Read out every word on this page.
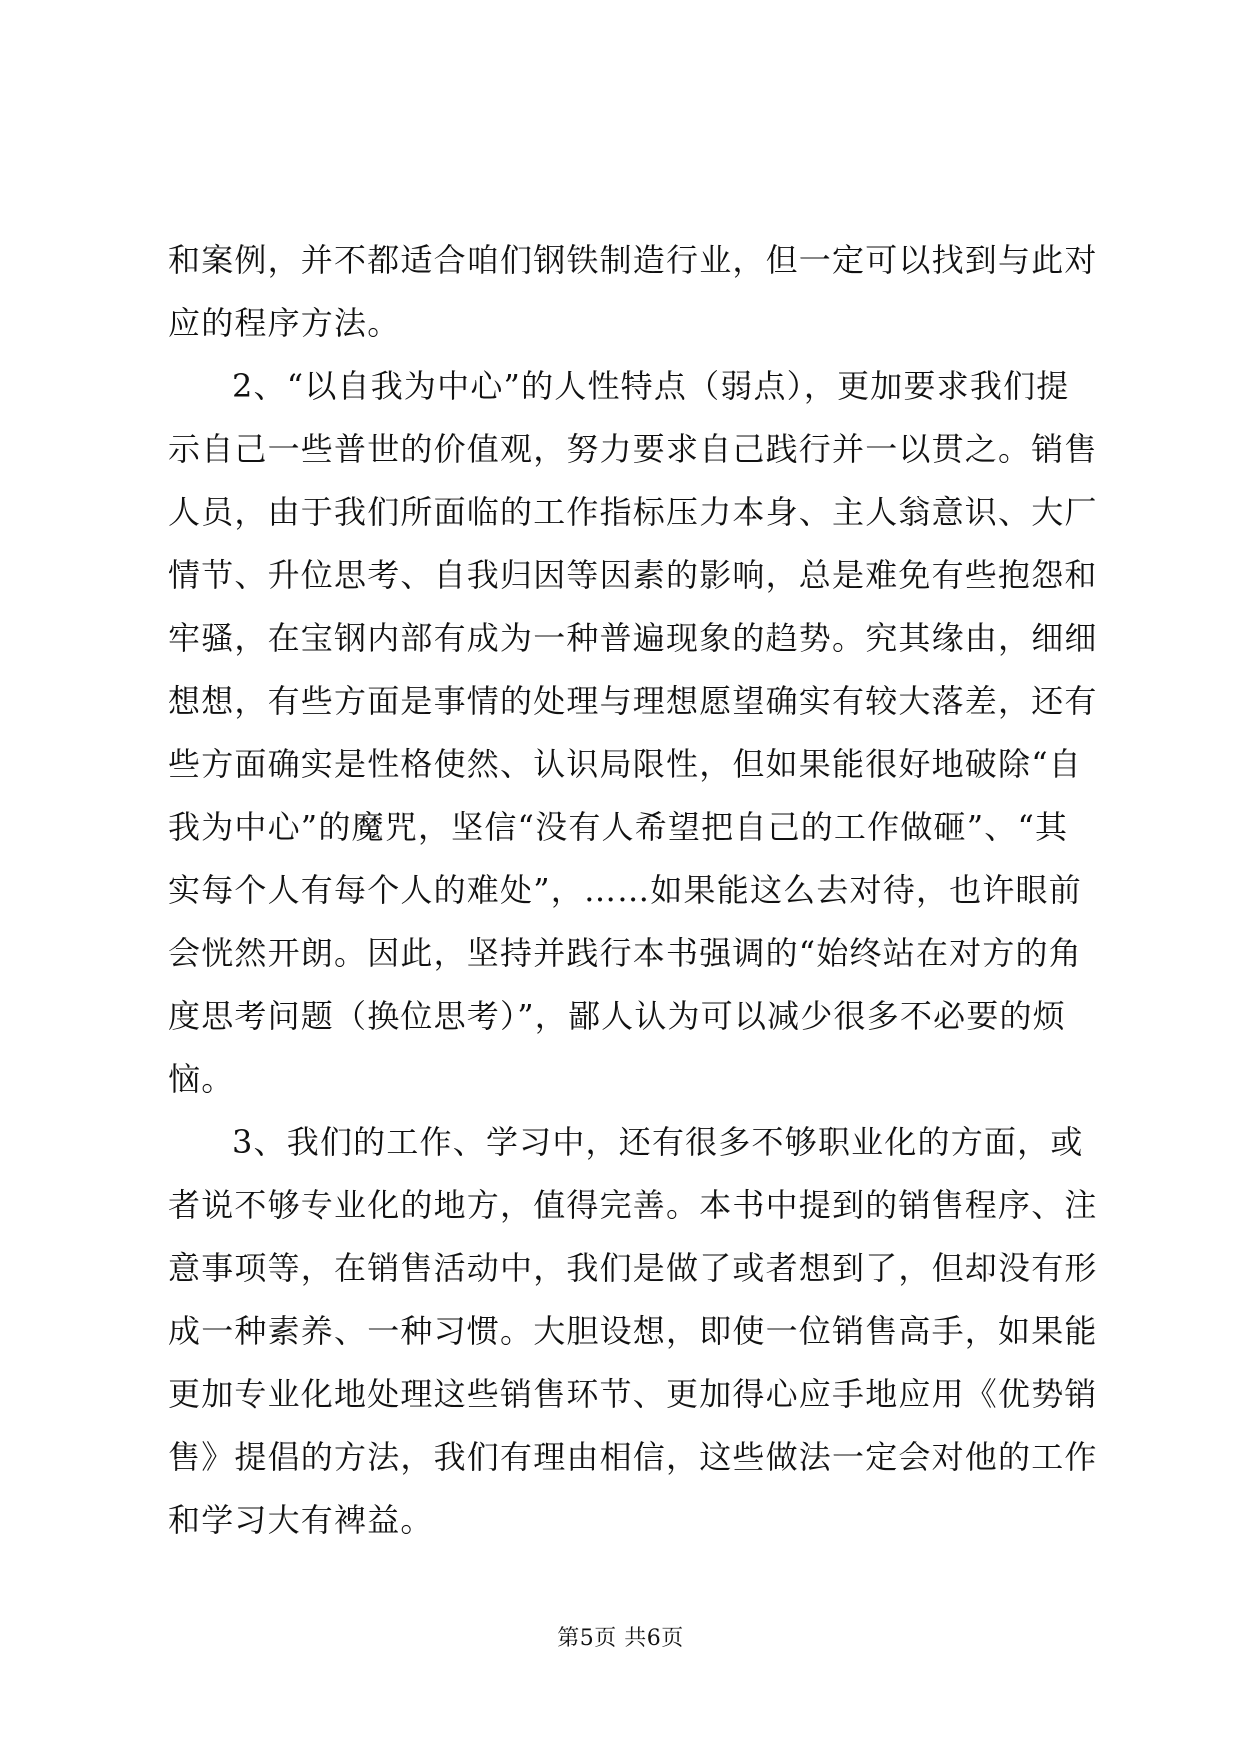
和案例，并不都适合咱们钢铁制造行业，但一定可以找到与此对
应的程序方法。
2、“以自我为中心”的人性特点（弱点），更加要求我们提
示自己一些普世的价值观，努力要求自己践行并一以贯之。销售
人员，由于我们所面临的工作指标压力本身、主人翁意识、大厂
情节、升位思考、自我归因等因素的影响，总是难免有些抱怨和
牢骚，在宝钢内部有成为一种普遍现象的趋势。究其缘由，细细
想想，有些方面是事情的处理与理想愿望确实有较大落差，还有
些方面确实是性格使然、认识局限性，但如果能很好地破除“自
我为中心”的魔咒，坚信“没有人希望把自己的工作做砸”、“其
实每个人有每个人的难处”，……如果能这么去对待，也许眼前
会恍然开朗。因此，坚持并践行本书强调的“始终站在对方的角
度思考问题（换位思考）”，鄙人认为可以减少很多不必要的烦
恼。
3、我们的工作、学习中，还有很多不够职业化的方面，或
者说不够专业化的地方，值得完善。本书中提到的销售程序、注
意事项等，在销售活动中，我们是做了或者想到了，但却没有形
成一种素养、一种习惯。大胆设想，即使一位销售高手，如果能
更加专业化地处理这些销售环节、更加得心应手地应用《优势销
售》提倡的方法，我们有理由相信，这些做法一定会对他的工作
和学习大有裨益。
第5页 共6页
